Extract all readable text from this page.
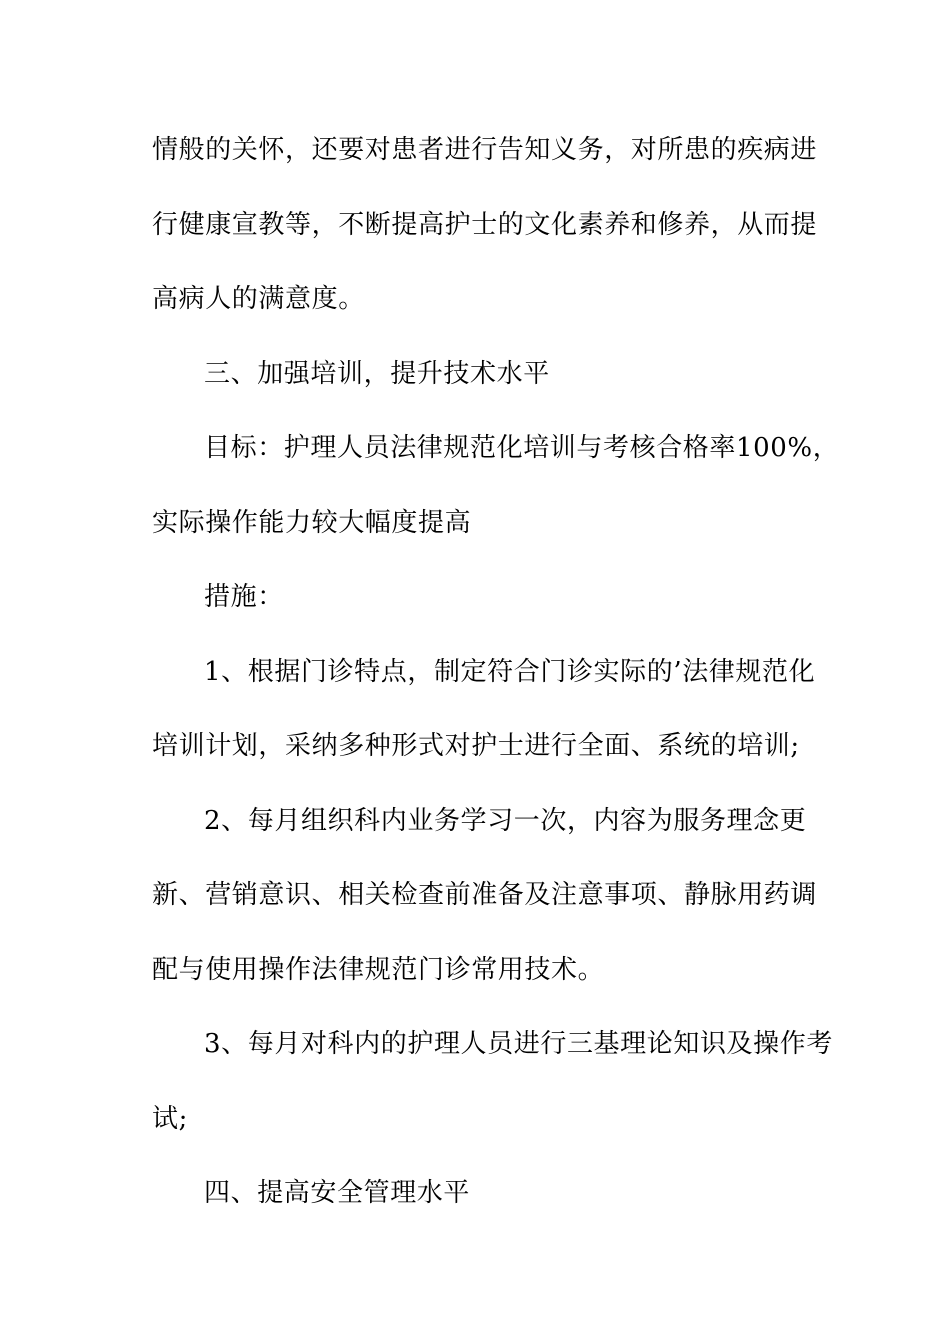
情般的关怀，还要对患者进行告知义务，对所患的疾病进
行健康宣教等，不断提高护士的文化素养和修养，从而提
高病人的满意度。
三、加强培训，提升技术水平
目标：护理人员法律规范化培训与考核合格率100%，
实际操作能力较大幅度提高
措施：
1、根据门诊特点，制定符合门诊实际的’法律规范化
培训计划，采纳多种形式对护士进行全面、系统的培训;
2、每月组织科内业务学习一次，内容为服务理念更
新、营销意识、相关检查前准备及注意事项、静脉用药调
配与使用操作法律规范门诊常用技术。
3、每月对科内的护理人员进行三基理论知识及操作考
试;
四、提高安全管理水平
